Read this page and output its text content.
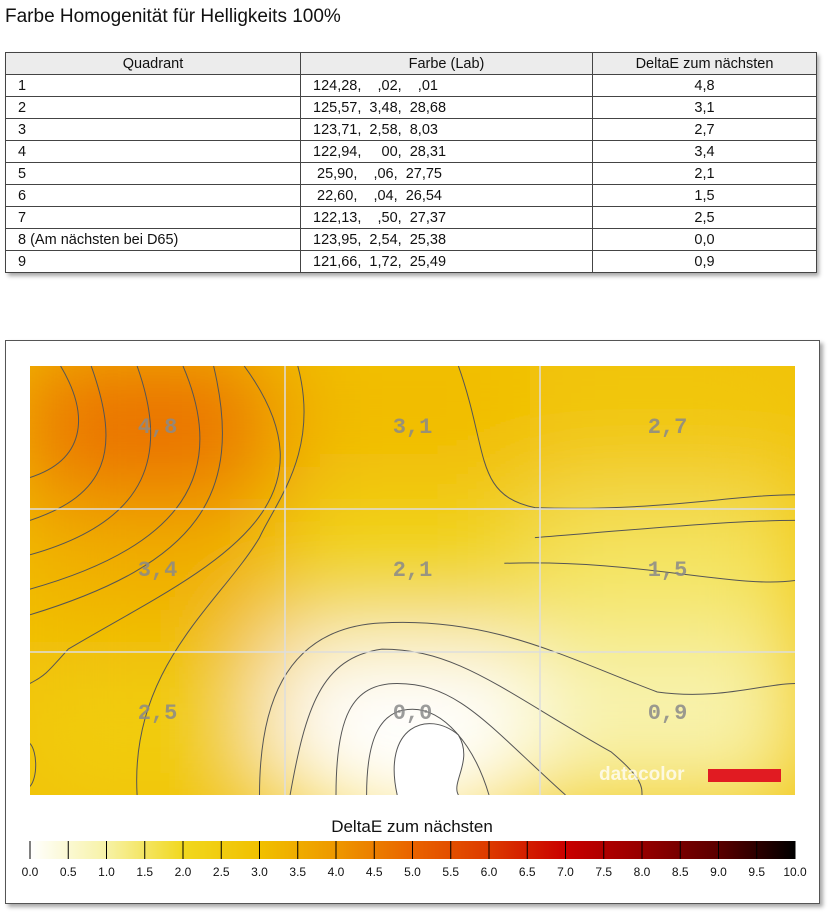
Farbe Homogenität für Helligkeits 100%
Quadrant	Farbe (Lab)	DeltaE zum nächsten
1	124,28,    ,02,    ,01	4,8
2	125,57,  3,48,  28,68	3,1
3	123,71,  2,58,  8,03	2,7
4	122,94,     00,  28,31	3,4
5	25,90,    ,06,  27,75	2,1
6	22,60,    ,04,  26,54	1,5
7	122,13,    ,50,  27,37	2,5
8 (Am nächsten bei D65)	123,95,  2,54,  25,38	0,0
9	121,66,  1,72,  25,49	0,9
4,8	3,1	2,7
3,4	2,1	1,5
2,5	0,0	0,9
datacolor
DeltaE zum nächsten
0.0 0.5 1.0 1.5 2.0 2.5 3.0 3.5 4.0 4.5 5.0 5.5 6.0 6.5 7.0 7.5 8.0 8.5 9.0 9.5 10.0
